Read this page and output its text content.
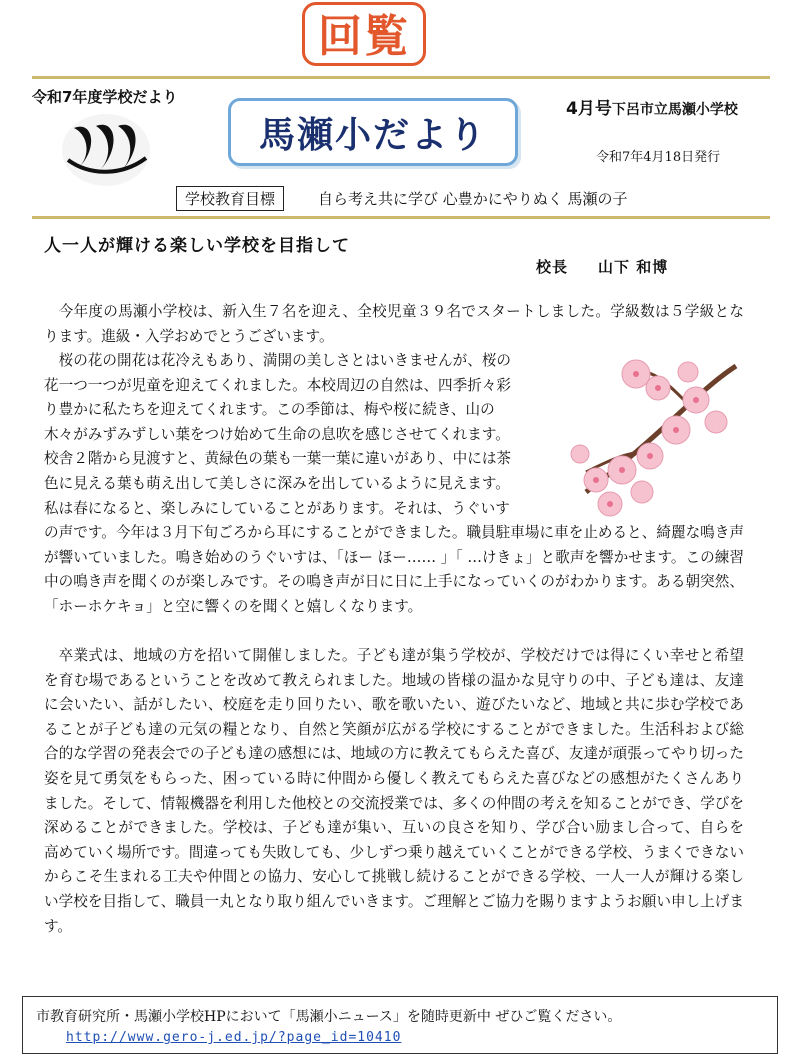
回覧
令和7年度学校だより
馬瀬小だより
4月号下呂市立馬瀬小学校
令和7年4月18日発行
学校教育目標	自ら考え共に学び 心豊かにやりぬく 馬瀬の子
人一人が輝ける楽しい学校を目指して
校長 山下 和博

今年度の馬瀬小学校は、新入生７名を迎え、全校児童３９名でスタートしました。学級数は５学級となります。進級・入学おめでとうございます。

桜の花の開花は花冷えもあり、満開の美しさとはいきませんが、桜の
花一つ一つが児童を迎えてくれました。本校周辺の自然は、四季折々彩
り豊かに私たちを迎えてくれます。この季節は、梅や桜に続き、山の
木々がみずみずしい葉をつけ始めて生命の息吹を感じさせてくれます。
校舎２階から見渡すと、黄緑色の葉も一葉一葉に違いがあり、中には茶
色に見える葉も萌え出して美しさに深みを出しているように見えます。
私は春になると、楽しみにしていることがあります。それは、うぐいす

の声です。今年は３月下旬ごろから耳にすることができました。職員駐車場に車を止めると、綺麗な鳴き声が響いていました。鳴き始めのうぐいすは、「ほー ほー…… 」「 …けきょ」と歌声を響かせます。この練習中の鳴き声を聞くのが楽しみです。その鳴き声が日に日に上手になっていくのがわかります。ある朝突然、「ホーホケキョ」と空に響くのを聞くと嬉しくなります。

卒業式は、地域の方を招いて開催しました。子ども達が集う学校が、学校だけでは得にくい幸せと希望を育む場であるということを改めて教えられました。地域の皆様の温かな見守りの中、子ども達は、友達に会いたい、話がしたい、校庭を走り回りたい、歌を歌いたい、遊びたいなど、地域と共に歩む学校であることが子ども達の元気の糧となり、自然と笑顔が広がる学校にすることができました。生活科および総合的な学習の発表会での子ども達の感想には、地域の方に教えてもらえた喜び、友達が頑張ってやり切った姿を見て勇気をもらった、困っている時に仲間から優しく教えてもらえた喜びなどの感想がたくさんありました。そして、情報機器を利用した他校との交流授業では、多くの仲間の考えを知ることができ、学びを深めることができました。学校は、子ども達が集い、互いの良さを知り、学び合い励まし合って、自らを高めていく場所です。間違っても失敗しても、少しずつ乗り越えていくことができる学校、うまくできないからこそ生まれる工夫や仲間との協力、安心して挑戦し続けることができる学校、一人一人が輝ける楽しい学校を目指して、職員一丸となり取り組んでいきます。ご理解とご協力を賜りますようお願い申し上げます。

市教育研究所・馬瀬小学校HPにおいて「馬瀬小ニュース」を随時更新中 ぜひご覧ください。
http://www.gero-j.ed.jp/?page_id=10410
